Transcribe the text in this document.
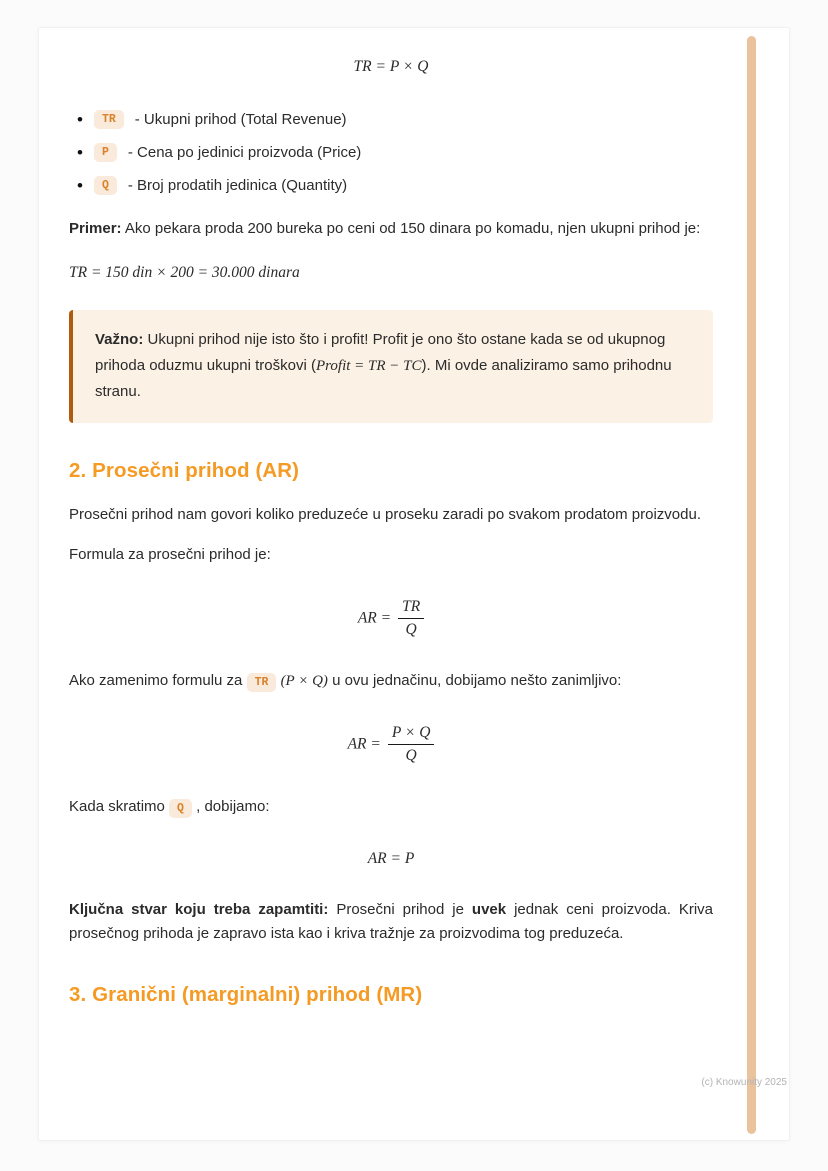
TR = P × Q
•
TR	- Ukupni prihod (Total Revenue)
•
P	- Cena po jedinici proizvoda (Price)
•
Q	- Broj prodatih jedinica (Quantity)

Primer: Ako pekara proda 200 bureka po ceni od 150 dinara po komadu, njen ukupni prihod je:

TR = 150 din × 200 = 30.000 dinara

Važno: Ukupni prihod nije isto što i profit! Profit je ono što ostane kada se od ukupnog prihoda oduzmu ukupni troškovi (Profit = TR − TC). Mi ovde analiziramo samo prihodnu stranu.
2. Prosečni prihod (AR)

Prosečni prihod nam govori koliko preduzeće u proseku zaradi po svakom prodatom proizvodu.

Formula za prosečni prihod je:

AR = $\frac{TR}{Q}$

Ako zamenimo formulu za TR (P × Q) u ovu jednačinu, dobijamo nešto zanimljivo:

AR = $\frac{P \times Q}{Q}$

Kada skratimo Q , dobijamo:

AR = P

Ključna stvar koju treba zapamtiti: Prosečni prihod je uvek jednak ceni proizvoda. Kriva prosečnog prihoda je zapravo ista kao i kriva tražnje za proizvodima tog preduzeća.

3. Granični (marginalni) prihod (MR)
(c) Knowunity 2025
